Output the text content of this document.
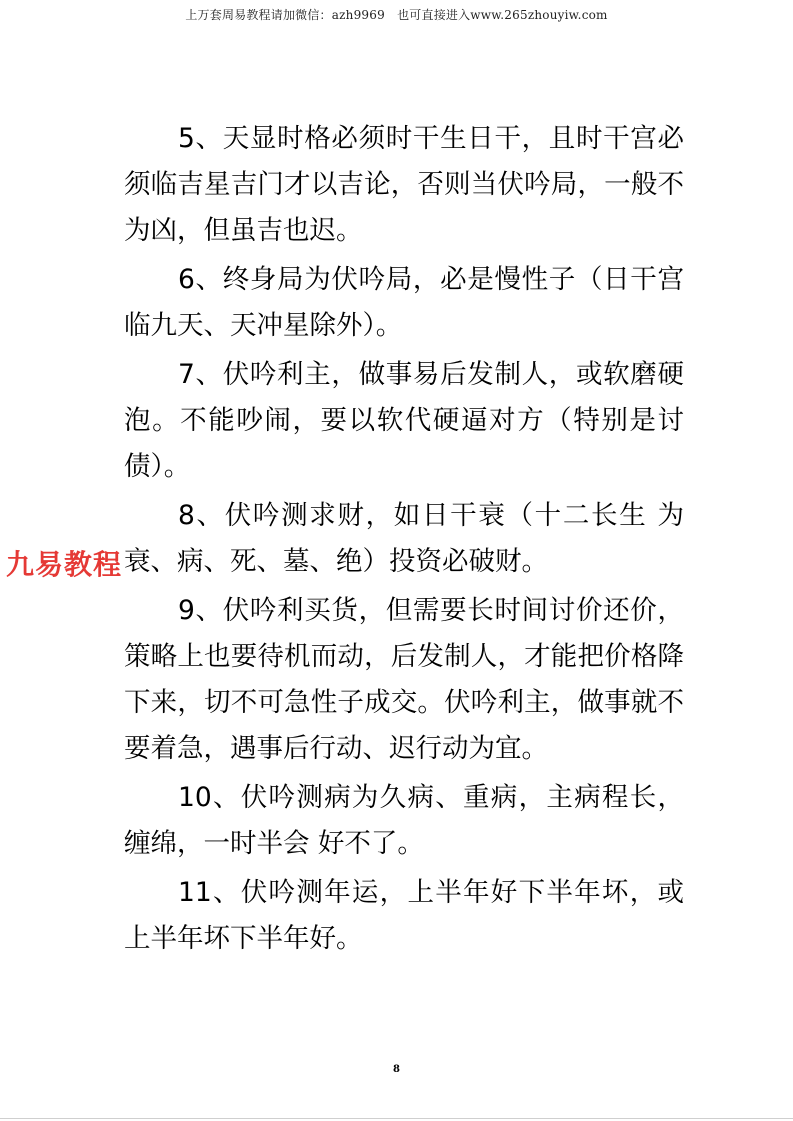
上万套周易教程请加微信：azh9969　也可直接进入www.265zhouyiw.com

5、天显时格必须时干生日干，且时干宫必须临吉星吉门才以吉论，否则当伏吟局，一般不为凶，但虽吉也迟。

6、终身局为伏吟局，必是慢性子（日干宫临九天、天冲星除外）。

7、伏吟利主，做事易后发制人，或软磨硬泡。不能吵闹，要以软代硬逼对方（特别是讨债）。

8、伏吟测求财，如日干衰（十二长生 为衰、病、死、墓、绝）投资必破财。

9、伏吟利买货，但需要长时间讨价还价，策略上也要待机而动，后发制人，才能把价格降下来，切不可急性子成交。伏吟利主，做事就不要着急，遇事后行动、迟行动为宜。

10、伏吟测病为久病、重病，主病程长，缠绵，一时半会 好不了。

11、伏吟测年运，上半年好下半年坏，或上半年坏下半年好。

九易教程
8
